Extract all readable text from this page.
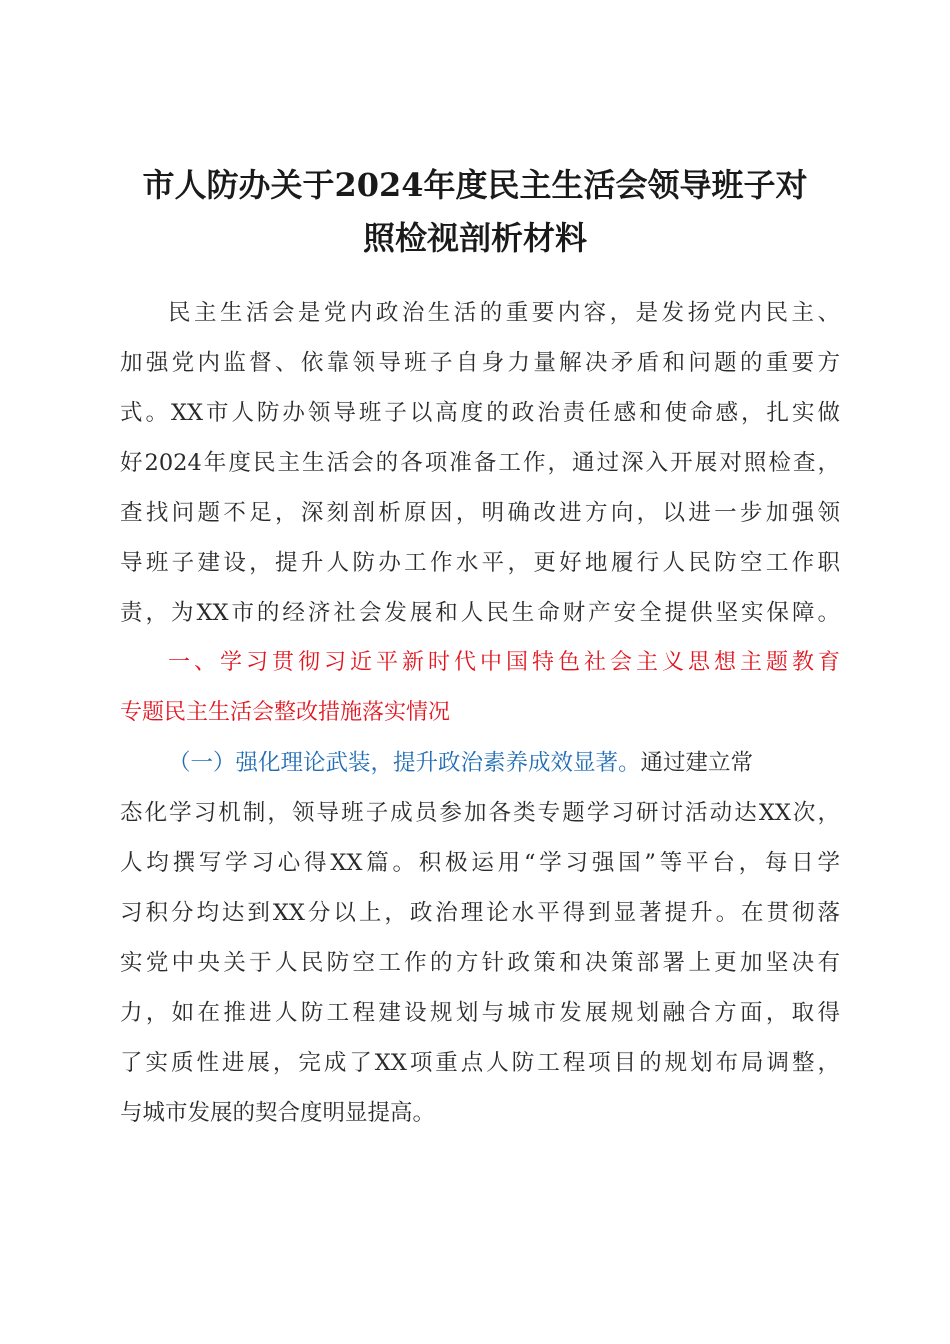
市人防办关于2024年度民主生活会领导班子对
照检视剖析材料
民主生活会是党内政治生活的重要内容，是发扬党内民主、
加强党内监督、依靠领导班子自身力量解决矛盾和问题的重要方
式。XX市人防办领导班子以高度的政治责任感和使命感，扎实做
好2024年度民主生活会的各项准备工作，通过深入开展对照检查，
查找问题不足，深刻剖析原因，明确改进方向，以进一步加强领
导班子建设，提升人防办工作水平，更好地履行人民防空工作职
责，为XX市的经济社会发展和人民生命财产安全提供坚实保障。
一、学习贯彻习近平新时代中国特色社会主义思想主题教育
专题民主生活会整改措施落实情况
（一）强化理论武装，提升政治素养成效显著。通过建立常
态化学习机制，领导班子成员参加各类专题学习研讨活动达XX次，
人均撰写学习心得XX篇。积极运用“学习强国”等平台，每日学
习积分均达到XX分以上，政治理论水平得到显著提升。在贯彻落
实党中央关于人民防空工作的方针政策和决策部署上更加坚决有
力，如在推进人防工程建设规划与城市发展规划融合方面，取得
了实质性进展，完成了XX项重点人防工程项目的规划布局调整，
与城市发展的契合度明显提高。
